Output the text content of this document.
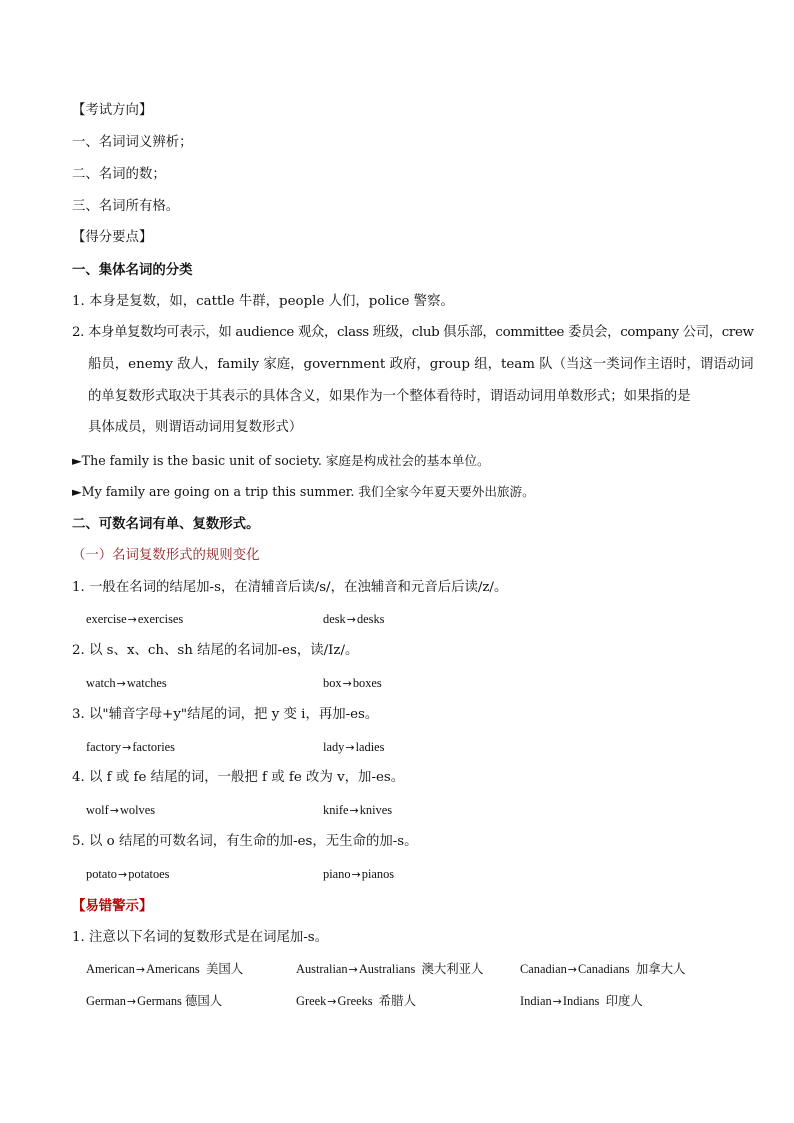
【考试方向】
一、名词词义辨析；
二、名词的数；
三、名词所有格。
【得分要点】
一、集体名词的分类
1. 本身是复数，如，cattle 牛群，people 人们，police 警察。
2. 本身单复数均可表示，如 audience 观众，class 班级，club 俱乐部，committee 委员会，company 公司，crew
船员，enemy 敌人，family 家庭，government 政府，group 组，team 队（当这一类词作主语时，谓语动词
的单复数形式取决于其表示的具体含义，如果作为一个整体看待时，谓语动词用单数形式；如果指的是
具体成员，则谓语动词用复数形式）
►The family is the basic unit of society. 家庭是构成社会的基本单位。
►My family are going on a trip this summer. 我们全家今年夏天要外出旅游。
二、可数名词有单、复数形式。
（一）名词复数形式的规则变化
1. 一般在名词的结尾加-s，在清辅音后读/s/，在浊辅音和元音后后读/z/。
exercise→exercises	desk→desks
2. 以 s、x、ch、sh 结尾的名词加-es，读/Iz/。
watch→watches	box→boxes
3. 以"辅音字母+y"结尾的词，把 y 变 i，再加-es。
factory→factories	lady→ladies
4. 以 f 或 fe 结尾的词，一般把 f 或 fe 改为 v，加-es。
wolf→wolves	knife→knives
5. 以 o 结尾的可数名词，有生命的加-es，无生命的加-s。
potato→potatoes	piano→pianos
【易错警示】
1. 注意以下名词的复数形式是在词尾加-s。
American→Americans 美国人	Australian→Australians 澳大利亚人	Canadian→Canadians 加拿大人
German→Germans 德国人	Greek→Greeks 希腊人	Indian→Indians 印度人
